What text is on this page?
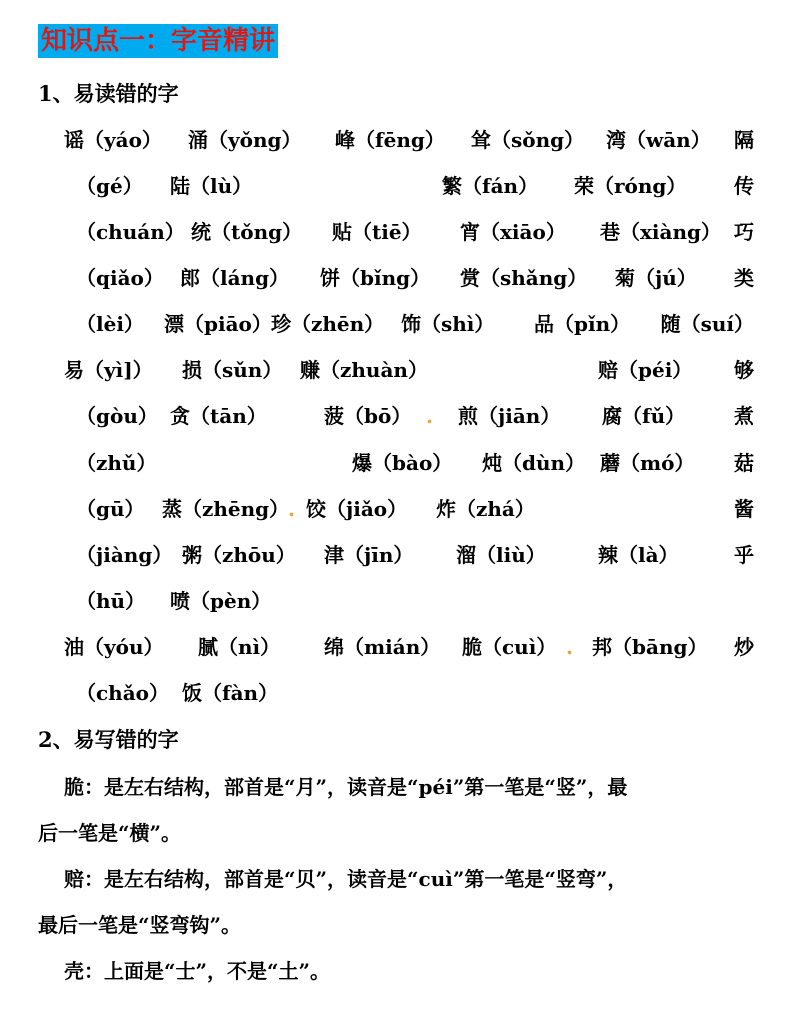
知识点一：字音精讲
1、易读错的字
谣（yáo） 涌（yǒng） 峰（fēng） 耸（sǒng） 湾（wān） 隔
（gé） 陆（lù）	繁（fán） 荣（róng） 传
（chuán） 统（tǒng） 贴（tiē） 宵（xiāo） 巷（xiàng） 巧
（qiǎo） 郎（láng） 饼（bǐng） 赏（shǎng） 菊（jú） 类
（lèi） 漂（piāo） 珍（zhēn） 饰（shì） 品（pǐn） 随（suí）
易（yì]） 损（sǔn） 赚（zhuàn）	赔（péi） 够
（gòu） 贪（tān）	菠（bō） . 煎（jiān） 腐（fǔ） 煮
（zhǔ）	爆（bào） 炖（dùn） 蘑（mó） 菇
（gū） 蒸（zhēng）
. 饺（jiǎo） 炸（zhá）	酱
（jiàng） 粥（zhōu） 津（jīn） 溜（liù）	辣（là）	乎
（hū） 喷（pèn）
油（yóu） 腻（nì） 绵（mián） 脆（cuì） . 邦（bāng） 炒
（chǎo） 饭（fàn）
2、易写错的字
脆：是左右结构，部首是“月”，读音是“péi”第一笔是“竖”，最
后一笔是“横”。
赔：是左右结构，部首是“贝”，读音是“cuì”第一笔是“竖弯”，
最后一笔是“竖弯钩”。
壳：上面是“士”，不是“土”。
